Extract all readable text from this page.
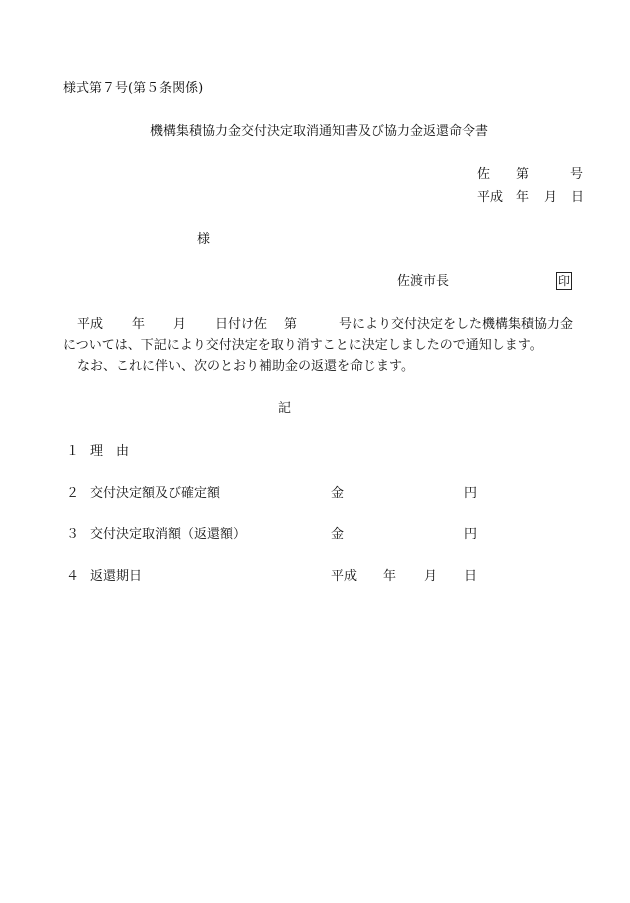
様式第７号(第５条関係)
機構集積協力金交付決定取消通知書及び協力金返還命令書
佐 第	号
平成 年 月 日
様
佐渡市長	印
平成 年 月 日付け佐 第	号により交付決定をした機構集積協力金
については、下記により交付決定を取り消すことに決定しましたので通知します。
なお、これに伴い、次のとおり補助金の返還を命じます。
記
１ 理　由
２ 交付決定額及び確定額	金	円
３ 交付決定取消額（返還額）	金	円
４ 返還期日	平成 年 月 日
